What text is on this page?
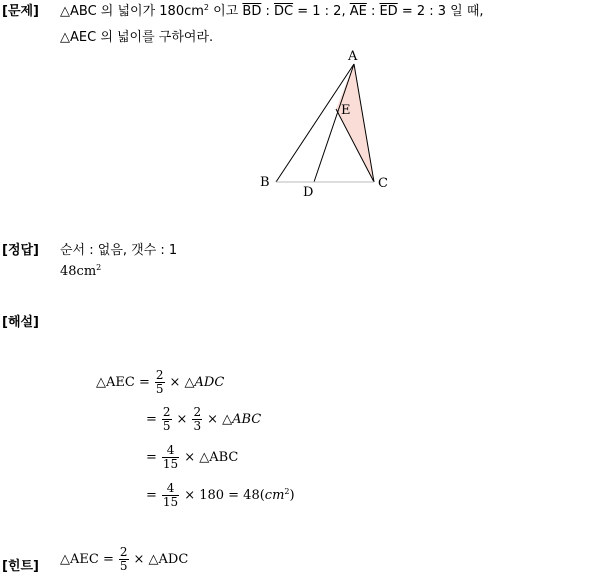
[문제] △ABC 의 넓이가 $180cm^2$ 이고 $\overline{BD}$ : $\overline{DC} = 1$ : 2, $\overline{AE}$ : $\overline{ED} = 2$ : 3 일 때,
△AEC 의 넓이를 구하여라.
A
E
B
D
C
[정답] 순서 : 없음, 갯수 : 1
$48cm^2$
[해설]
△AEC = $\frac{2}{5}$ × △ADC
= $\frac{2}{5} \times \frac{2}{3}$ × △ABC
= $\frac{4}{15}$ × △ABC
= $\frac{4}{15} \times 180 = 48(cm^2)$
[힌트] △AEC = $\frac{2}{5}$ × △ADC
